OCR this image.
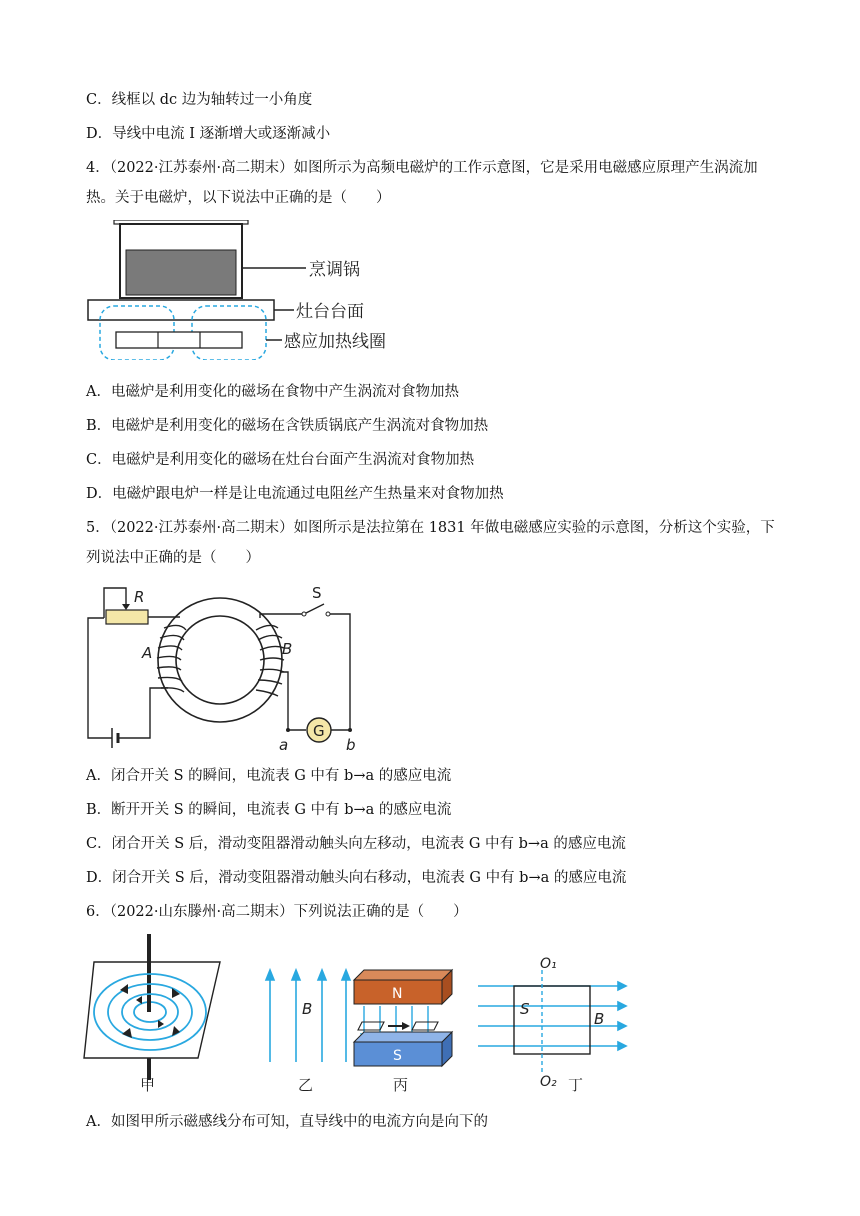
C．线框以 dc 边为轴转过一小角度
D．导线中电流 I 逐渐增大或逐渐减小
4．（2022·江苏泰州·高二期末）如图所示为高频电磁炉的工作示意图，它是采用电磁感应原理产生涡流加
热。关于电磁炉，以下说法中正确的是（　　）
烹调锅
灶台台面
感应加热线圈
A．电磁炉是利用变化的磁场在食物中产生涡流对食物加热
B．电磁炉是利用变化的磁场在含铁质锅底产生涡流对食物加热
C．电磁炉是利用变化的磁场在灶台台面产生涡流对食物加热
D．电磁炉跟电炉一样是让电流通过电阻丝产生热量来对食物加热
5．（2022·江苏泰州·高二期末）如图所示是法拉第在 1831 年做电磁感应实验的示意图，分析这个实验，下
列说法中正确的是（　　）
R
A	B
S
G
a	b
A．闭合开关 S 的瞬间，电流表 G 中有 b→a 的感应电流
B．断开开关 S 的瞬间，电流表 G 中有 b→a 的感应电流
C．闭合开关 S 后，滑动变阻器滑动触头向左移动，电流表 G 中有 b→a 的感应电流
D．闭合开关 S 后，滑动变阻器滑动触头向右移动，电流表 G 中有 b→a 的感应电流
6．（2022·山东滕州·高二期末）下列说法正确的是（　　）
甲
B
乙
N
S
丙
S
B
O₁
O₂ 丁
A．如图甲所示磁感线分布可知，直导线中的电流方向是向下的
